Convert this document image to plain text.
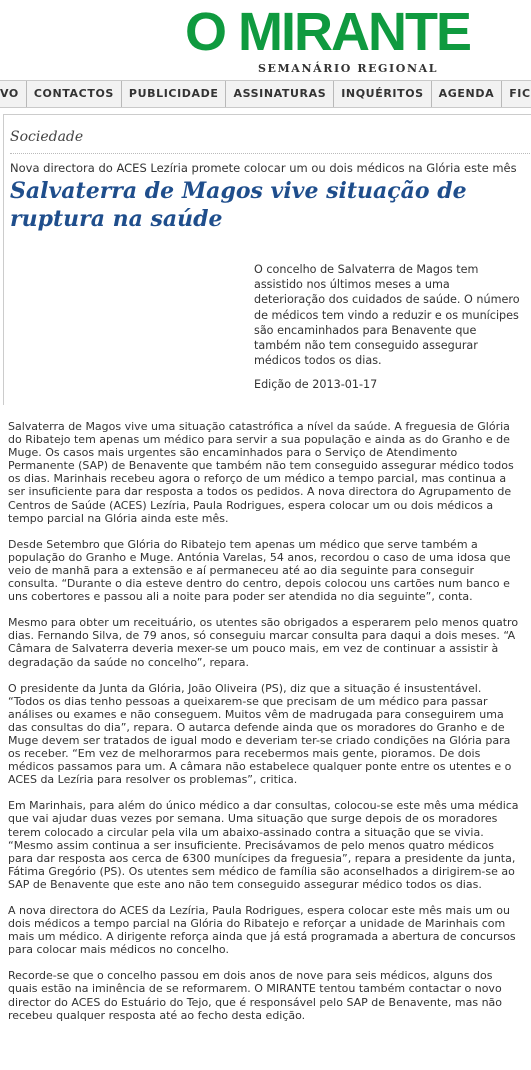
O MIRANTE
SEMANÁRIO REGIONAL
VO CONTACTOS PUBLICIDADE ASSINATURAS INQUÉRITOS AGENDA FIC
Sociedade
Nova directora do ACES Lezíria promete colocar um ou dois médicos na Glória este mês
Salvaterra de Magos vive situação de ruptura na saúde
O concelho de Salvaterra de Magos tem assistido nos últimos meses a uma deterioração dos cuidados de saúde. O número de médicos tem vindo a reduzir e os munícipes são encaminhados para Benavente que também não tem conseguido assegurar médicos todos os dias.
Edição de 2013-01-17

Salvaterra de Magos vive uma situação catastrófica a nível da saúde. A freguesia de Glória do Ribatejo tem apenas um médico para servir a sua população e ainda as do Granho e de Muge. Os casos mais urgentes são encaminhados para o Serviço de Atendimento Permanente (SAP) de Benavente que também não tem conseguido assegurar médico todos os dias. Marinhais recebeu agora o reforço de um médico a tempo parcial, mas continua a ser insuficiente para dar resposta a todos os pedidos. A nova directora do Agrupamento de Centros de Saúde (ACES) Lezíria, Paula Rodrigues, espera colocar um ou dois médicos a tempo parcial na Glória ainda este mês.

Desde Setembro que Glória do Ribatejo tem apenas um médico que serve também a população do Granho e Muge. Antónia Varelas, 54 anos, recordou o caso de uma idosa que veio de manhã para a extensão e aí permaneceu até ao dia seguinte para conseguir consulta. “Durante o dia esteve dentro do centro, depois colocou uns cartões num banco e uns cobertores e passou ali a noite para poder ser atendida no dia seguinte”, conta.

Mesmo para obter um receituário, os utentes são obrigados a esperarem pelo menos quatro dias. Fernando Silva, de 79 anos, só conseguiu marcar consulta para daqui a dois meses. “A Câmara de Salvaterra deveria mexer-se um pouco mais, em vez de continuar a assistir à degradação da saúde no concelho”, repara.

O presidente da Junta da Glória, João Oliveira (PS), diz que a situação é insustentável. “Todos os dias tenho pessoas a queixarem-se que precisam de um médico para passar análises ou exames e não conseguem. Muitos vêm de madrugada para conseguirem uma das consultas do dia”, repara. O autarca defende ainda que os moradores do Granho e de Muge devem ser tratados de igual modo e deveriam ter-se criado condições na Glória para os receber. “Em vez de melhorarmos para recebermos mais gente, pioramos. De dois médicos passamos para um. A câmara não estabelece qualquer ponte entre os utentes e o ACES da Lezíria para resolver os problemas”, critica.

Em Marinhais, para além do único médico a dar consultas, colocou-se este mês uma médica que vai ajudar duas vezes por semana. Uma situação que surge depois de os moradores terem colocado a circular pela vila um abaixo-assinado contra a situação que se vivia. “Mesmo assim continua a ser insuficiente. Precisávamos de pelo menos quatro médicos para dar resposta aos cerca de 6300 munícipes da freguesia”, repara a presidente da junta, Fátima Gregório (PS). Os utentes sem médico de família são aconselhados a dirigirem-se ao SAP de Benavente que este ano não tem conseguido assegurar médico todos os dias.

A nova directora do ACES da Lezíria, Paula Rodrigues, espera colocar este mês mais um ou dois médicos a tempo parcial na Glória do Ribatejo e reforçar a unidade de Marinhais com mais um médico. A dirigente reforça ainda que já está programada a abertura de concursos para colocar mais médicos no concelho.

Recorde-se que o concelho passou em dois anos de nove para seis médicos, alguns dos quais estão na iminência de se reformarem. O MIRANTE tentou também contactar o novo director do ACES do Estuário do Tejo, que é responsável pelo SAP de Benavente, mas não recebeu qualquer resposta até ao fecho desta edição.
